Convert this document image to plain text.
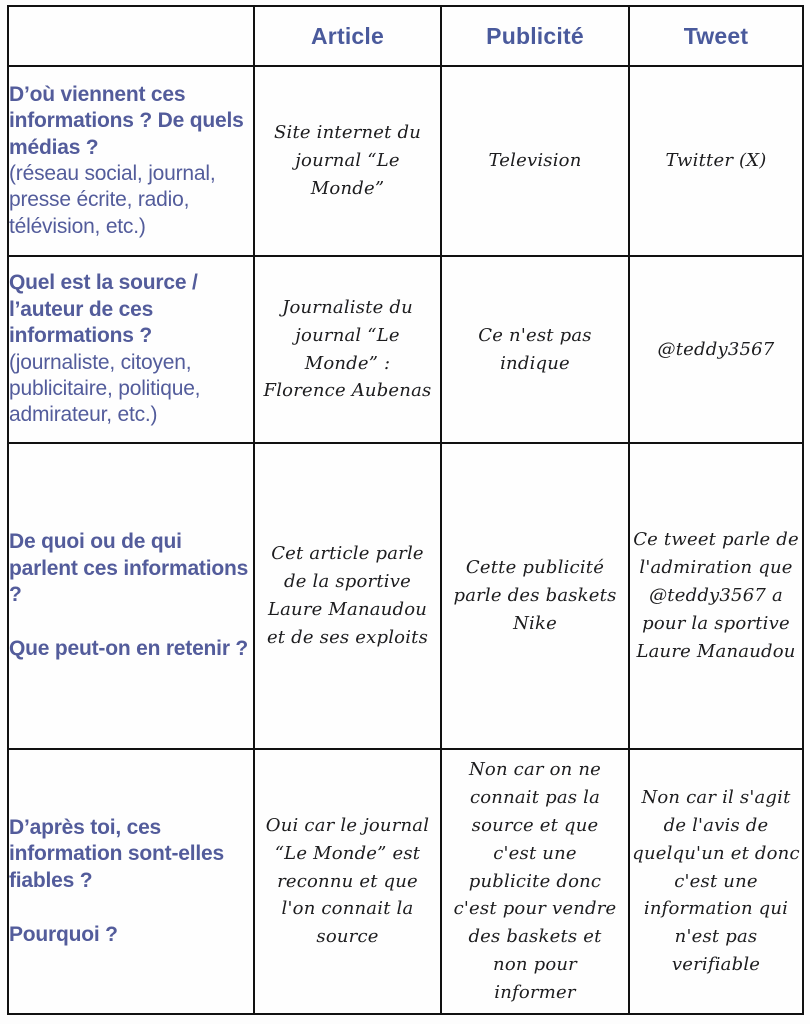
	Article	Publicité	Tweet

D’où viennent ces informations ? De quels médias ?
(réseau social, journal, presse écrite, radio, télévision, etc.)	Site internet du journal “Le Monde”	Television	Twitter (X)

Quel est la source / l’auteur de ces informations ?
(journaliste, citoyen, publicitaire, politique, admirateur, etc.)	Journaliste du journal “Le Monde” : Florence Aubenas	Ce n'est pas indique	@teddy3567

De quoi ou de qui parlent ces informations ?
Que peut-on en retenir ?	Cet article parle de la sportive Laure Manaudou et de ses exploits	Cette publicité parle des baskets Nike	Ce tweet parle de l'admiration que @teddy3567 a pour la sportive Laure Manaudou

D’après toi, ces information sont-elles fiables ?
Pourquoi ?	Oui car le journal “Le Monde” est reconnu et que l'on connait la source	Non car on ne connait pas la source et que c'est une publicite donc c'est pour vendre des baskets et non pour informer	Non car il s'agit de l'avis de quelqu'un et donc c'est une information qui n'est pas verifiable
